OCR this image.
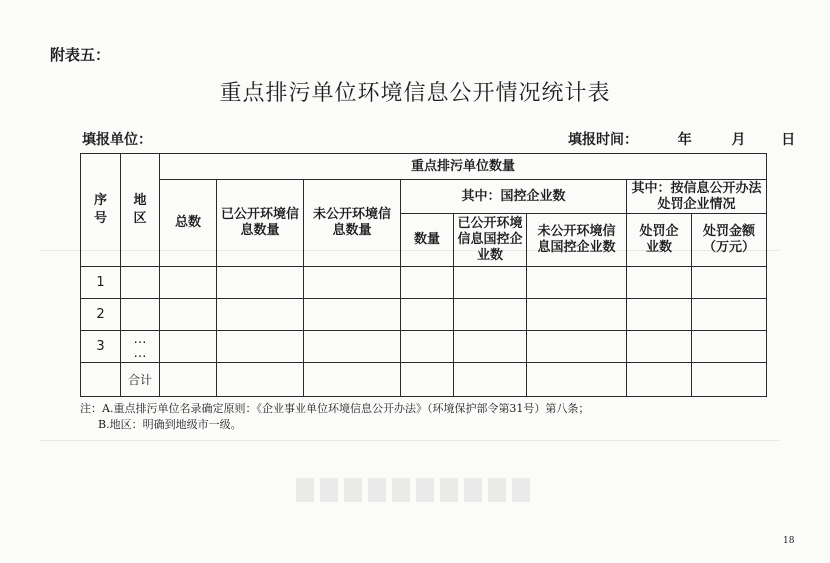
附表五：
重点排污单位环境信息公开情况统计表
填报单位：	填报时间：	年	月	日
序号	地区	重点排污单位数量							
		总数	已公开环境信息数量	未公开环境信息数量	其中：国控企业数			其中：按信息公开办法处罚企业情况	

					数量	已公开环境信息国控企业数	未公开环境信息国控企业数	处罚企业数	处罚金额（万元）

1									
2									
3	…
…								

	合计								
注：A.重点排污单位名录确定原则：《企业事业单位环境信息公开办法》（环境保护部令第31号）第八条；
B.地区：明确到地级市一级。
18
